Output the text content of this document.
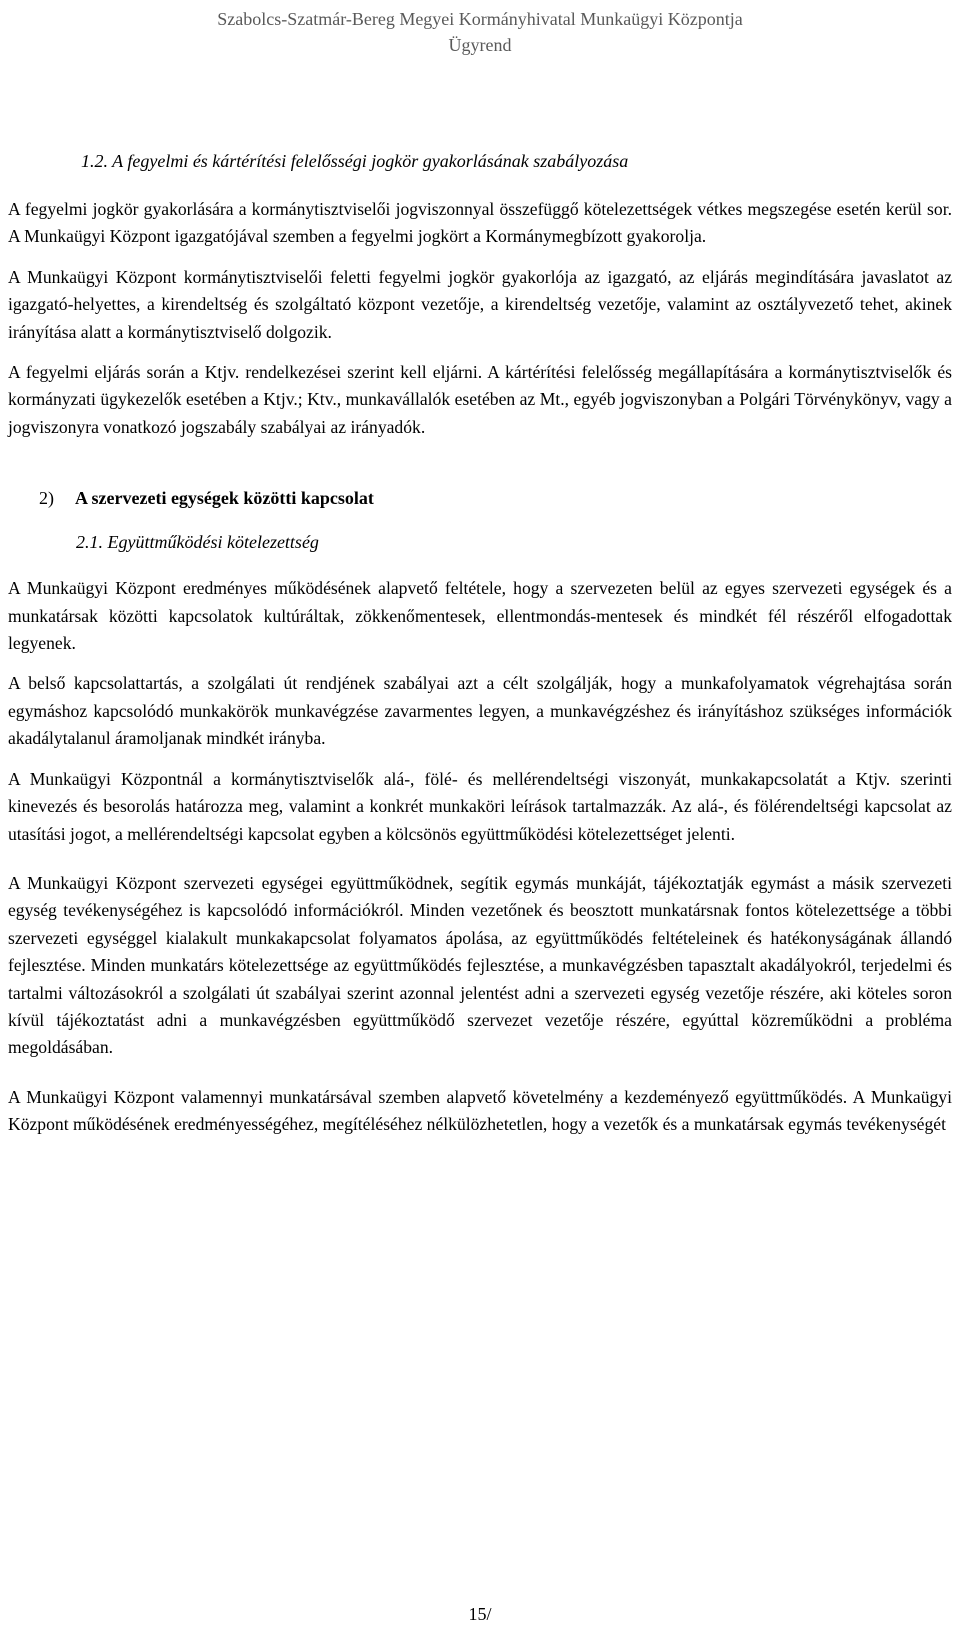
Szabolcs-Szatmár-Bereg Megyei Kormányhivatal Munkaügyi Központja
Ügyrend
1.2. A fegyelmi és kártérítési felelősségi jogkör gyakorlásának szabályozása

A fegyelmi jogkör gyakorlására a kormánytisztviselői jogviszonnyal összefüggő kötelezettségek vétkes megszegése esetén kerül sor. A Munkaügyi Központ igazgatójával szemben a fegyelmi jogkört a Kormánymegbízott gyakorolja.

A Munkaügyi Központ kormánytisztviselői feletti fegyelmi jogkör gyakorlója az igazgató, az eljárás megindítására javaslatot az igazgató-helyettes, a kirendeltség és szolgáltató központ vezetője, a kirendeltség vezetője, valamint az osztályvezető tehet, akinek irányítása alatt a kormánytisztviselő dolgozik.

A fegyelmi eljárás során a Ktjv. rendelkezései szerint kell eljárni. A kártérítési felelősség megállapítására a kormánytisztviselők és kormányzati ügykezelők esetében a Ktjv.; Ktv., munkavállalók esetében az Mt., egyéb jogviszonyban a Polgári Törvénykönyv, vagy a jogviszonyra vonatkozó jogszabály szabályai az irányadók.

2) A szervezeti egységek közötti kapcsolat
2.1. Együttműködési kötelezettség

A Munkaügyi Központ eredményes működésének alapvető feltétele, hogy a szervezeten belül az egyes szervezeti egységek és a munkatársak közötti kapcsolatok kultúráltak, zökkenőmentesek, ellentmondás-mentesek és mindkét fél részéről elfogadottak legyenek.

A belső kapcsolattartás, a szolgálati út rendjének szabályai azt a célt szolgálják, hogy a munkafolyamatok végrehajtása során egymáshoz kapcsolódó munkakörök munkavégzése zavarmentes legyen, a munkavégzéshez és irányításhoz szükséges információk akadálytalanul áramoljanak mindkét irányba.

A Munkaügyi Központnál a kormánytisztviselők alá-, fölé- és mellérendeltségi viszonyát, munkakapcsolatát a Ktjv. szerinti kinevezés és besorolás határozza meg, valamint a konkrét munkaköri leírások tartalmazzák. Az alá-, és fölérendeltségi kapcsolat az utasítási jogot, a mellérendeltségi kapcsolat egyben a kölcsönös együttműködési kötelezettséget jelenti.

A Munkaügyi Központ szervezeti egységei együttműködnek, segítik egymás munkáját, tájékoztatják egymást a másik szervezeti egység tevékenységéhez is kapcsolódó információkról. Minden vezetőnek és beosztott munkatársnak fontos kötelezettsége a többi szervezeti egységgel kialakult munkakapcsolat folyamatos ápolása, az együttműködés feltételeinek és hatékonyságának állandó fejlesztése. Minden munkatárs kötelezettsége az együttműködés fejlesztése, a munkavégzésben tapasztalt akadályokról, terjedelmi és tartalmi változásokról a szolgálati út szabályai szerint azonnal jelentést adni a szervezeti egység vezetője részére, aki köteles soron kívül tájékoztatást adni a munkavégzésben együttműködő szervezet vezetője részére, egyúttal közreműködni a probléma megoldásában.

A Munkaügyi Központ valamennyi munkatársával szemben alapvető követelmény a kezdeményező együttműködés. A Munkaügyi Központ működésének eredményességéhez, megítéléséhez nélkülözhetetlen, hogy a vezetők és a munkatársak egymás tevékenységét

15/
